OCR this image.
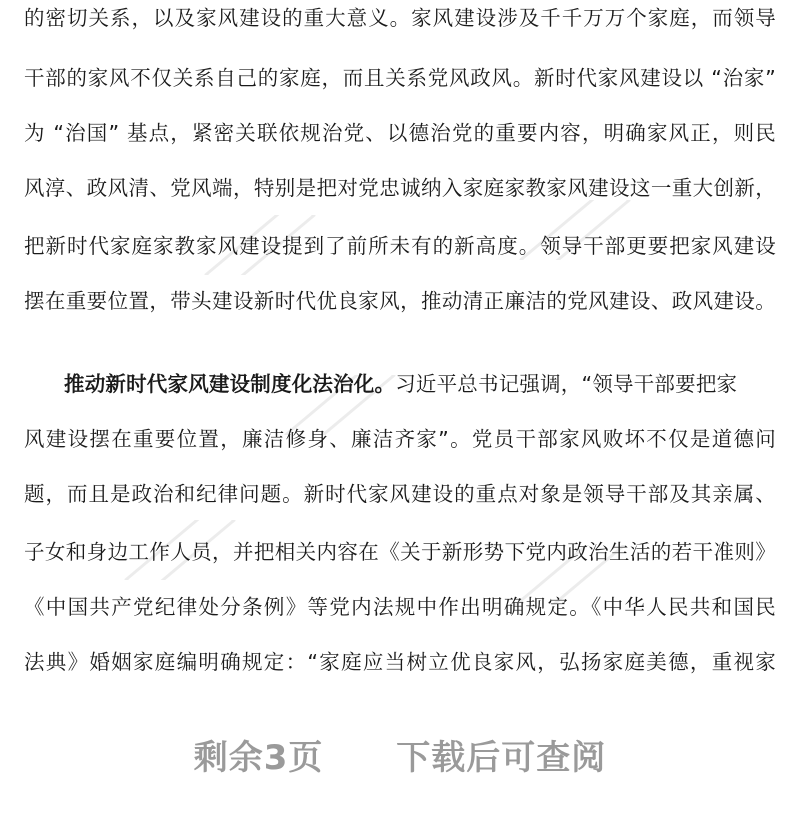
的密切关系，以及家风建设的重大意义。家风建设涉及千千万万个家庭，而领导
干部的家风不仅关系自己的家庭，而且关系党风政风。新时代家风建设以 “治家”
为 “治国” 基点，紧密关联依规治党、以德治党的重要内容，明确家风正，则民
风淳、政风清、党风端，特别是把对党忠诚纳入家庭家教家风建设这一重大创新，
把新时代家庭家教家风建设提到了前所未有的新高度。领导干部更要把家风建设
摆在重要位置，带头建设新时代优良家风，推动清正廉洁的党风建设、政风建设。
推动新时代家风建设制度化法治化。习近平总书记强调，“领导干部要把家
风建设摆在重要位置，廉洁修身、廉洁齐家”。党员干部家风败坏不仅是道德问
题，而且是政治和纪律问题。新时代家风建设的重点对象是领导干部及其亲属、
子女和身边工作人员，并把相关内容在《关于新形势下党内政治生活的若干准则》
《中国共产党纪律处分条例》等党内法规中作出明确规定。《中华人民共和国民
法典》婚姻家庭编明确规定：“家庭应当树立优良家风，弘扬家庭美德，重视家
剩余3页 下载后可查阅
